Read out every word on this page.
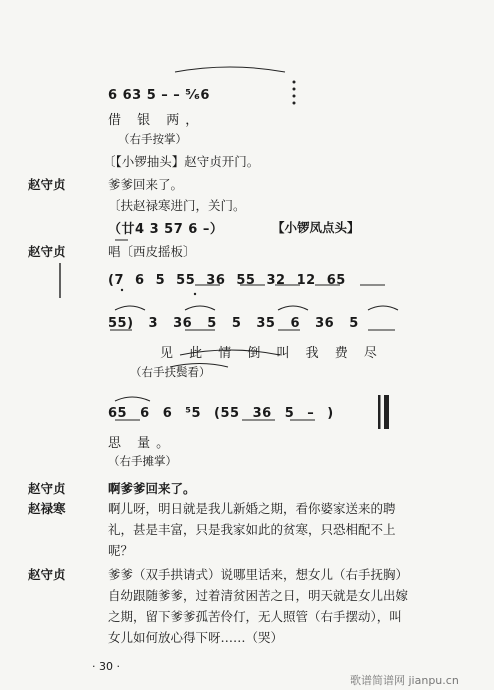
6 63 5 – – ⁵⁄₆6
借 银 两，
（右手按掌）
〔【小锣抽头】赵守贞开门。
赵守贞	爹爹回来了。
〔扶赵禄寒进门，关门。
（廿4 3 57 6 –）	【小锣凤点头】
赵守贞	唱〔西皮摇板〕
(7 6 5 55 36 55 32 12 65
55) 3 36 5 5 35 6 36 5
见 此 情 倒 叫 我 费 尽
（右手扶鬓看）
65 6 6 ⁵5 (55 36 5 – )
思 量。
（右手摊掌）
赵守贞	啊爹爹回来了。
赵禄寒	啊儿呀，明日就是我儿新婚之期，看你婆家送来的聘
礼，甚是丰富，只是我家如此的贫寒，只恐相配不上
呢？
赵守贞	爹爹（双手拱请式）说哪里话来，想女儿（右手抚胸）
自幼跟随爹爹，过着清贫困苦之日，明天就是女儿出嫁
之期，留下爹爹孤苦伶仃，无人照管（右手摆动），叫
女儿如何放心得下呀……（哭）
· 30 ·
歌谱简谱网 jianpu.cn
